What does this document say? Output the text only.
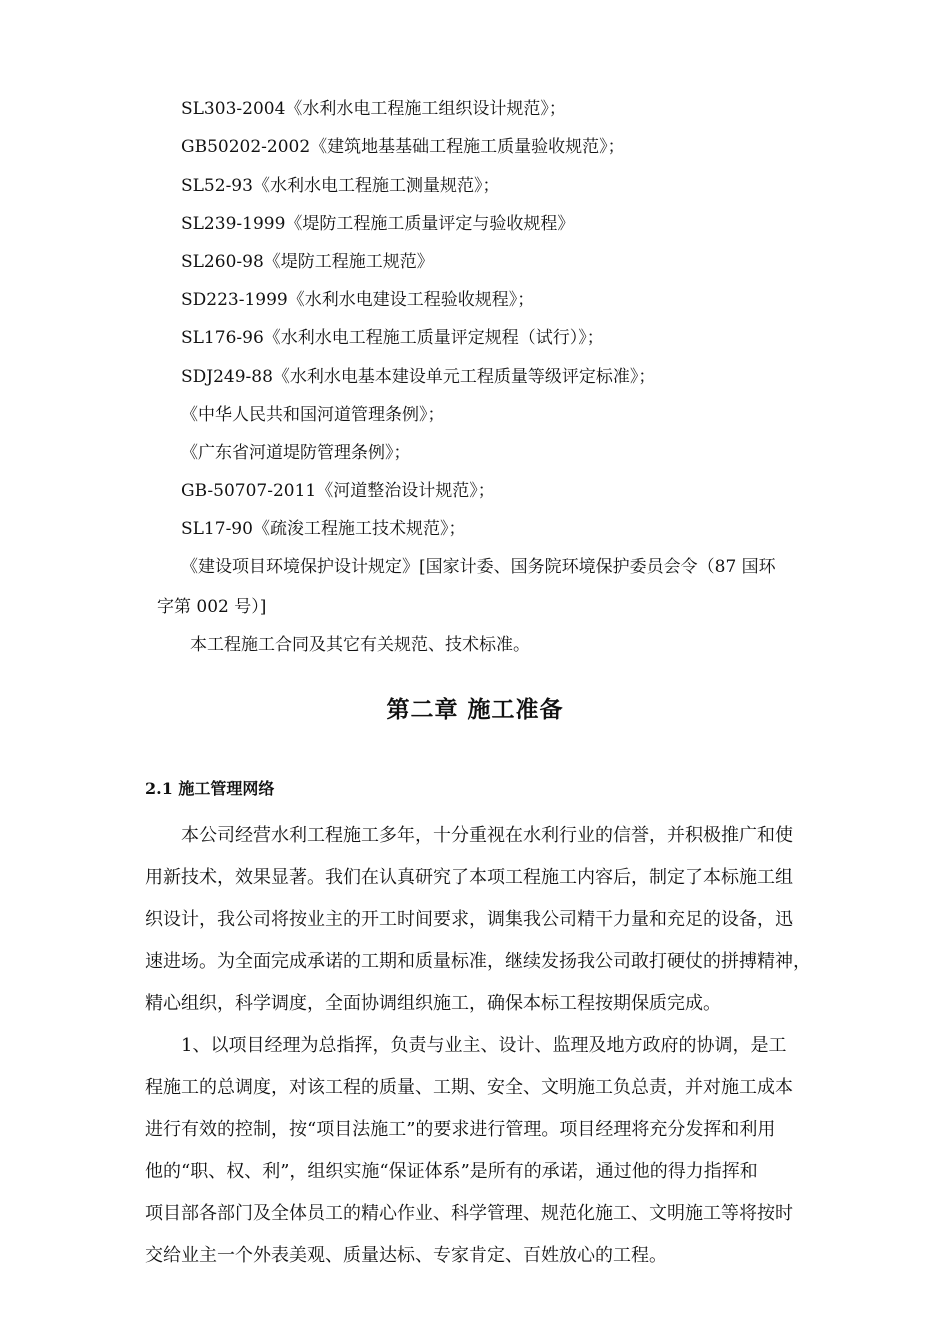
SL303-2004《水利水电工程施工组织设计规范》；
GB50202-2002《建筑地基基础工程施工质量验收规范》；
SL52-93《水利水电工程施工测量规范》；
SL239-1999《堤防工程施工质量评定与验收规程》
SL260-98《堤防工程施工规范》
SD223-1999《水利水电建设工程验收规程》；
SL176-96《水利水电工程施工质量评定规程（试行）》；
SDJ249-88《水利水电基本建设单元工程质量等级评定标准》；
《中华人民共和国河道管理条例》；
《广东省河道堤防管理条例》；
GB-50707-2011《河道整治设计规范》；
SL17-90《疏浚工程施工技术规范》；
《建设项目环境保护设计规定》[国家计委、国务院环境保护委员会令（87 国环
字第 002 号）]
本工程施工合同及其它有关规范、技术标准。
第二章 施工准备
2.1 施工管理网络
本公司经营水利工程施工多年，十分重视在水利行业的信誉，并积极推广和使
用新技术，效果显著。我们在认真研究了本项工程施工内容后，制定了本标施工组
织设计，我公司将按业主的开工时间要求，调集我公司精干力量和充足的设备，迅
速进场。为全面完成承诺的工期和质量标准，继续发扬我公司敢打硬仗的拼搏精神，
精心组织，科学调度，全面协调组织施工，确保本标工程按期保质完成。
1、以项目经理为总指挥，负责与业主、设计、监理及地方政府的协调，是工
程施工的总调度，对该工程的质量、工期、安全、文明施工负总责，并对施工成本
进行有效的控制，按“项目法施工”的要求进行管理。项目经理将充分发挥和利用
他的“职、权、利”，组织实施“保证体系”是所有的承诺，通过他的得力指挥和
项目部各部门及全体员工的精心作业、科学管理、规范化施工、文明施工等将按时
交给业主一个外表美观、质量达标、专家肯定、百姓放心的工程。
